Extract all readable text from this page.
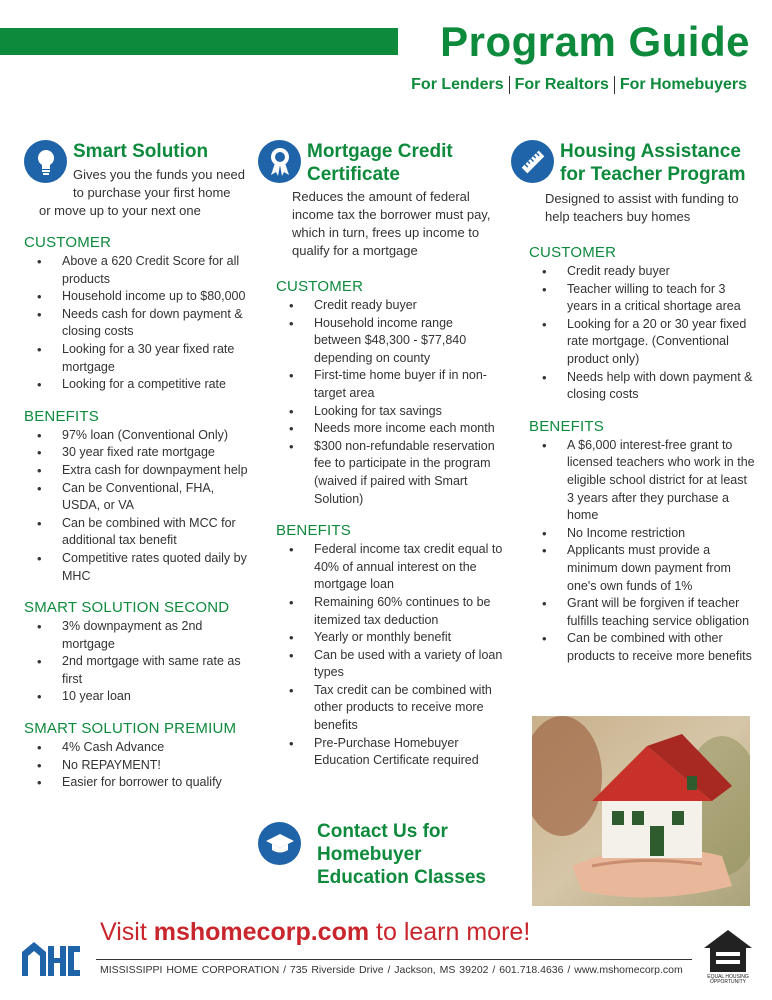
Program Guide
For Lenders For Realtors For Homebuyers
Smart Solution
Gives you the funds you need
to purchase your first home
or move up to your next one
CUSTOMER
• Above a 620 Credit Score for all products
• Household income up to $80,000
• Needs cash for down payment & closing costs
• Looking for a 30 year fixed rate mortgage
• Looking for a competitive rate
BENEFITS
• 97% loan (Conventional Only)
• 30 year fixed rate mortgage
• Extra cash for downpayment help
• Can be Conventional, FHA, USDA, or VA
• Can be combined with MCC for additional tax benefit
• Competitive rates quoted daily by MHC
SMART SOLUTION SECOND
• 3% downpayment as 2nd mortgage
• 2nd mortgage with same rate as first
• 10 year loan
SMART SOLUTION PREMIUM
• 4% Cash Advance
• No REPAYMENT!
• Easier for borrower to qualify
Mortgage Credit
Certificate
Reduces the amount of federal income tax the borrower must pay, which in turn, frees up income to qualify for a mortgage
CUSTOMER
• Credit ready buyer
• Household income range between $48,300 - $77,840 depending on county
• First-time home buyer if in non-target area
• Looking for tax savings
• Needs more income each month
• $300 non-refundable reservation fee to participate in the program (waived if paired with Smart Solution)
BENEFITS
• Federal income tax credit equal to 40% of annual interest on the mortgage loan
• Remaining 60% continues to be itemized tax deduction
• Yearly or monthly benefit
• Can be used with a variety of loan types
• Tax credit can be combined with other products to receive more benefits
• Pre-Purchase Homebuyer Education Certificate required
Housing Assistance
for Teacher Program
Designed to assist with funding to help teachers buy homes
CUSTOMER
• Credit ready buyer
• Teacher willing to teach for 3 years in a critical shortage area
• Looking for a 20 or 30 year fixed rate mortgage. (Conventional product only)
• Needs help with down payment & closing costs
BENEFITS
• A $6,000 interest-free grant to licensed teachers who work in the eligible school district for at least 3 years after they purchase a home
• No Income restriction
• Applicants must provide a minimum down payment from one's own funds of 1%
• Grant will be forgiven if teacher fulfills teaching service obligation
• Can be combined with other products to receive more benefits
Contact Us for
Homebuyer
Education Classes
Visit mshomecorp.com to learn more!
MISSISSIPPI HOME CORPORATION / 735 Riverside Drive / Jackson, MS 39202 / 601.718.4636 / www.mshomecorp.com
EQUAL HOUSING
OPPORTUNITY
